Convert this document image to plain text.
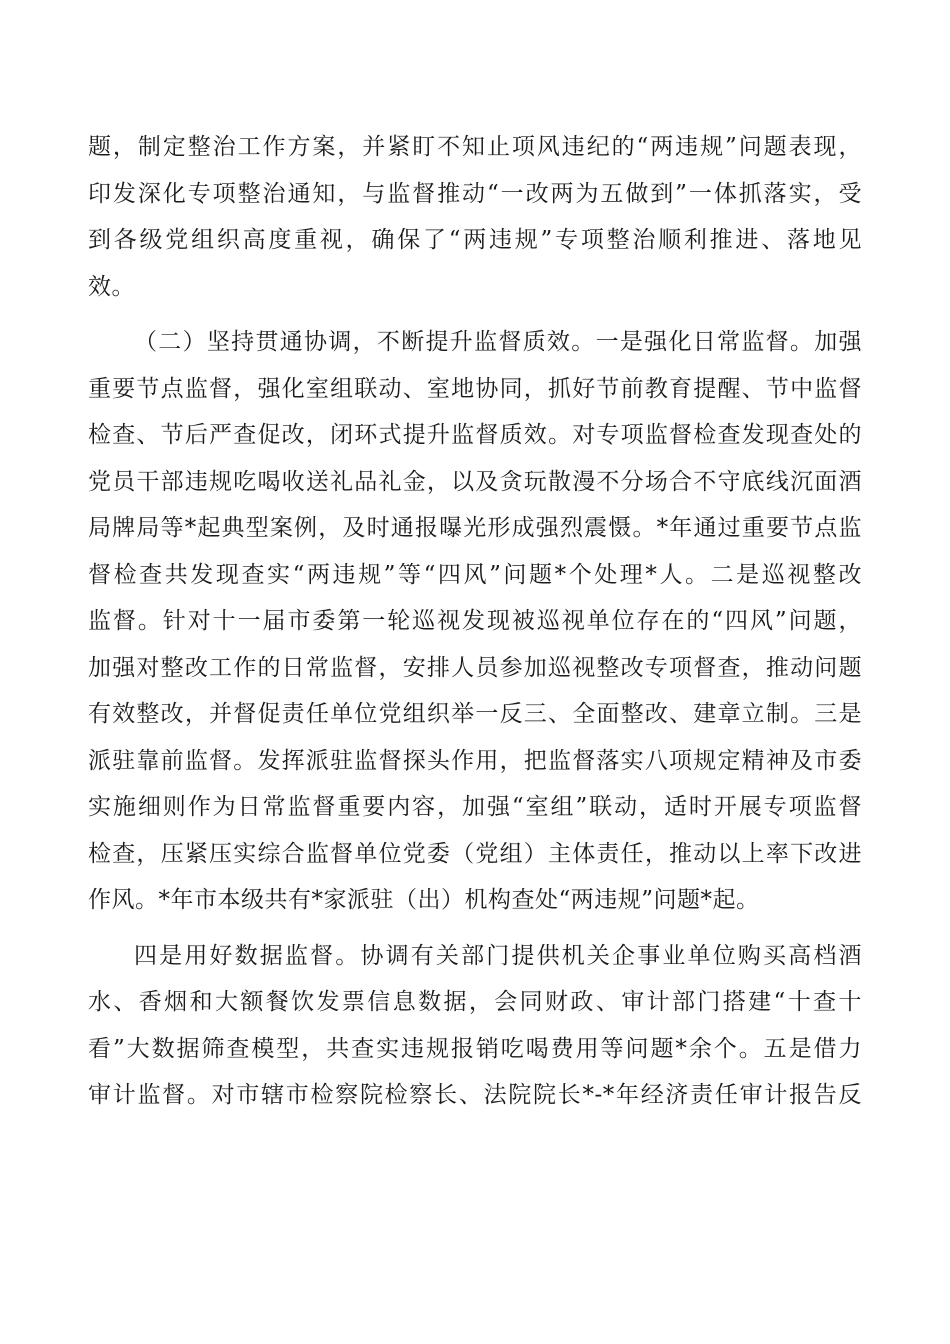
题，制定整治工作方案，并紧盯不知止项风违纪的“两违规”问题表现，
印发深化专项整治通知，与监督推动“一改两为五做到”一体抓落实，受
到各级党组织高度重视，确保了“两违规”专项整治顺利推进、落地见
效。
（二）坚持贯通协调，不断提升监督质效。一是强化日常监督。加强
重要节点监督，强化室组联动、室地协同，抓好节前教育提醒、节中监督
检查、节后严查促改，闭环式提升监督质效。对专项监督检查发现查处的
党员干部违规吃喝收送礼品礼金，以及贪玩散漫不分场合不守底线沉面酒
局牌局等*起典型案例，及时通报曝光形成强烈震慑。*年通过重要节点监
督检查共发现查实“两违规”等“四风”问题*个处理*人。二是巡视整改
监督。针对十一届市委第一轮巡视发现被巡视单位存在的“四风”问题，
加强对整改工作的日常监督，安排人员参加巡视整改专项督查，推动问题
有效整改，并督促责任单位党组织举一反三、全面整改、建章立制。三是
派驻靠前监督。发挥派驻监督探头作用，把监督落实八项规定精神及市委
实施细则作为日常监督重要内容，加强“室组”联动，适时开展专项监督
检查，压紧压实综合监督单位党委（党组）主体责任，推动以上率下改进
作风。*年市本级共有*家派驻（出）机构查处“两违规”问题*起。
四是用好数据监督。协调有关部门提供机关企事业单位购买高档酒
水、香烟和大额餐饮发票信息数据，会同财政、审计部门搭建“十查十
看”大数据筛查模型，共查实违规报销吃喝费用等问题*余个。五是借力
审计监督。对市辖市检察院检察长、法院院长*-*年经济责任审计报告反
